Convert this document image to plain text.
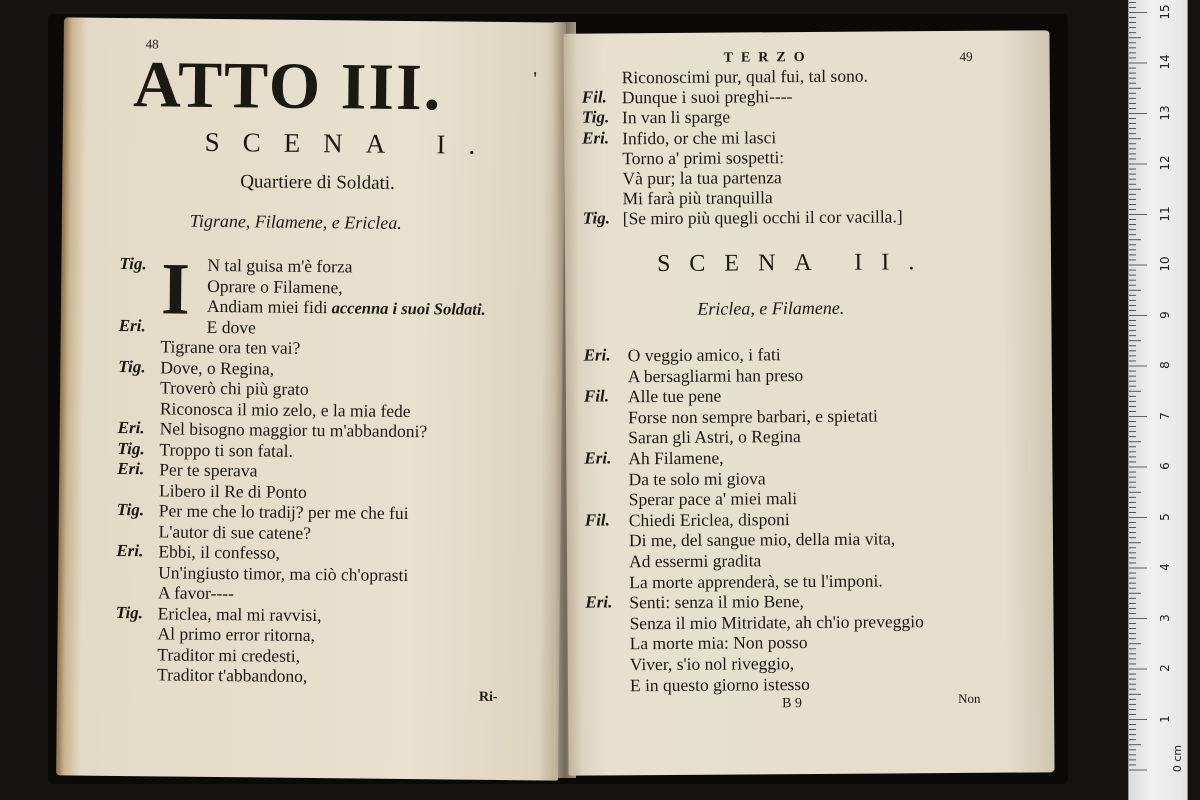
48
ATTO III.	'
SCENA I.
Quartiere di Soldati.
Tigrane, Filamene, e Ericlea.
I
Tig.	N tal guisa m'è forza
Oprare o Filamene,
Andiam miei fidi accenna i suoi Soldati.
Eri.	E dove
Tigrane ora ten vai?
Tig. Dove, o Regina,
Troverò chi più grato
Riconosca il mio zelo, e la mia fede
Eri. Nel bisogno maggior tu m'abbandoni?
Tig. Troppo ti son fatal.
Eri. Per te sperava
Libero il Re di Ponto
Tig. Per me che lo tradij? per me che fui
L'autor di sue catene?
Eri. Ebbi, il confesso,
Un'ingiusto timor, ma ciò ch'oprasti
A favor----
Tig. Ericlea, mal mi ravvisi,
Al primo error ritorna,
Traditor mi credesti,
Traditor t'abbandono,
Ri-
TERZO	49
Riconoscimi pur, qual fui, tal sono.
Fil. Dunque i suoi preghi----
Tig. In van li sparge
Eri. Infido, or che mi lasci
Torno a' primi sospetti:
Và pur; la tua partenza
Mi farà più tranquilla
Tig. [Se miro più quegli occhi il cor vacilla.]
SCENA II.
Ericlea, e Filamene.
Eri. O veggio amico, i fati
A bersagliarmi han preso
Fil. Alle tue pene
Forse non sempre barbari, e spietati
Saran gli Astri, o Regina
Eri. Ah Filamene,
Da te solo mi giova
Sperar pace a' miei mali
Fil. Chiedi Ericlea, disponi
Di me, del sangue mio, della mia vita,
Ad essermi gradita
La morte apprenderà, se tu l'imponi.
Eri. Senti: senza il mio Bene,
Senza il mio Mitridate, ah ch'io preveggio
La morte mia: Non posso
Viver, s'io nol riveggio,
E in questo giorno istesso
B 9	Non
1
2
3
4
5
6
7
8
9
10
11
12
13
14
15
0 cm
